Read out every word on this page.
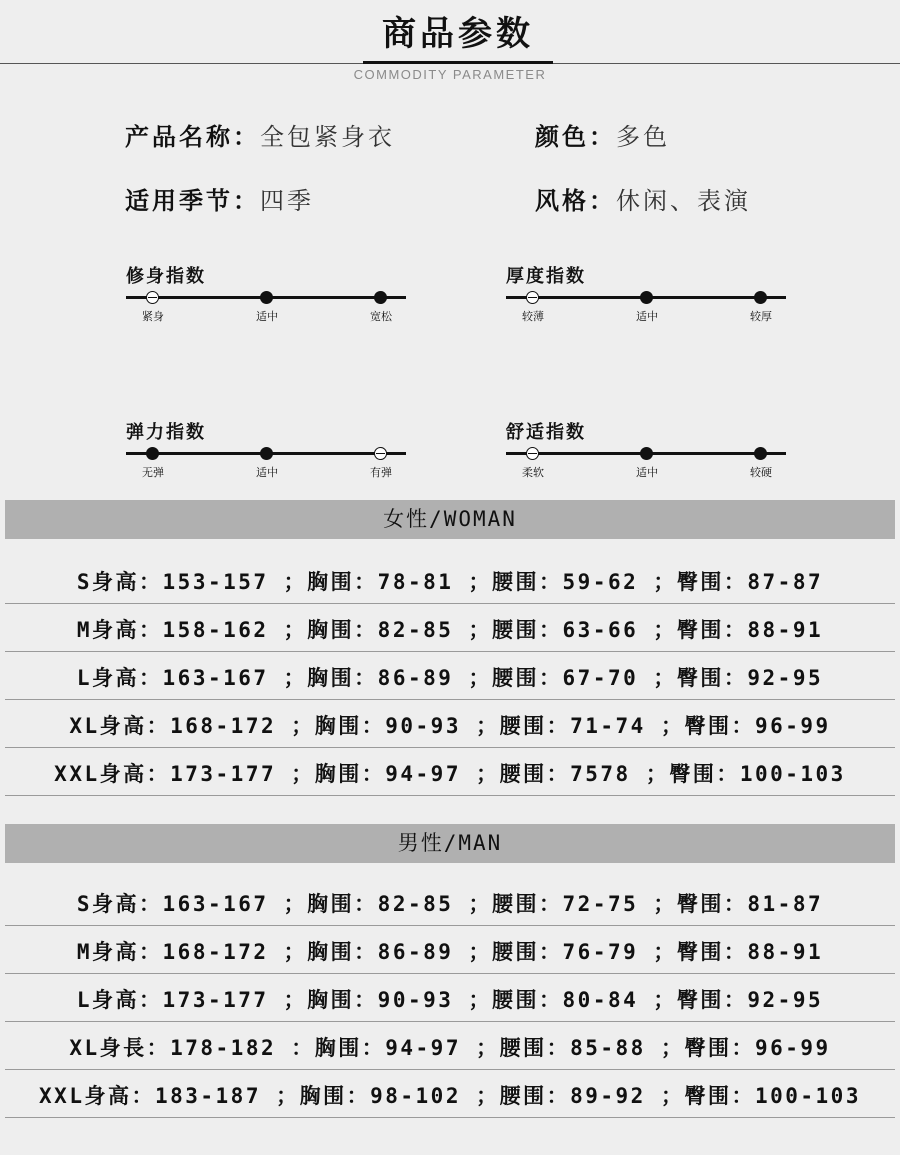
商品参数
COMMODITY PARAMETER
产品名称：全包紧身衣	颜色：多色
适用季节：四季	风格：休闲、表演
修身指数
紧身	适中	宽松
厚度指数
较薄	适中	较厚
弹力指数
无弹	适中	有弹
舒适指数
柔软	适中	较硬
女性/WOMAN
S身高：153-157 ；胸围：78-81 ；腰围：59-62 ；臀围：87-87
M身高：158-162 ；胸围：82-85 ；腰围：63-66 ；臀围：88-91
L身高：163-167 ；胸围：86-89 ；腰围：67-70 ；臀围：92-95
XL身高：168-172 ；胸围：90-93 ；腰围：71-74 ；臀围：96-99
XXL身高：173-177 ；胸围：94-97 ；腰围：7578 ；臀围：100-103
男性/MAN
S身高：163-167 ；胸围：82-85 ；腰围：72-75 ；臀围：81-87
M身高：168-172 ；胸围：86-89 ；腰围：76-79 ；臀围：88-91
L身高：173-177 ；胸围：90-93 ；腰围：80-84 ；臀围：92-95
XL身長：178-182 ：胸围：94-97 ；腰围：85-88 ；臀围：96-99
XXL身高：183-187 ；胸围：98-102 ；腰围：89-92 ；臀围：100-103
